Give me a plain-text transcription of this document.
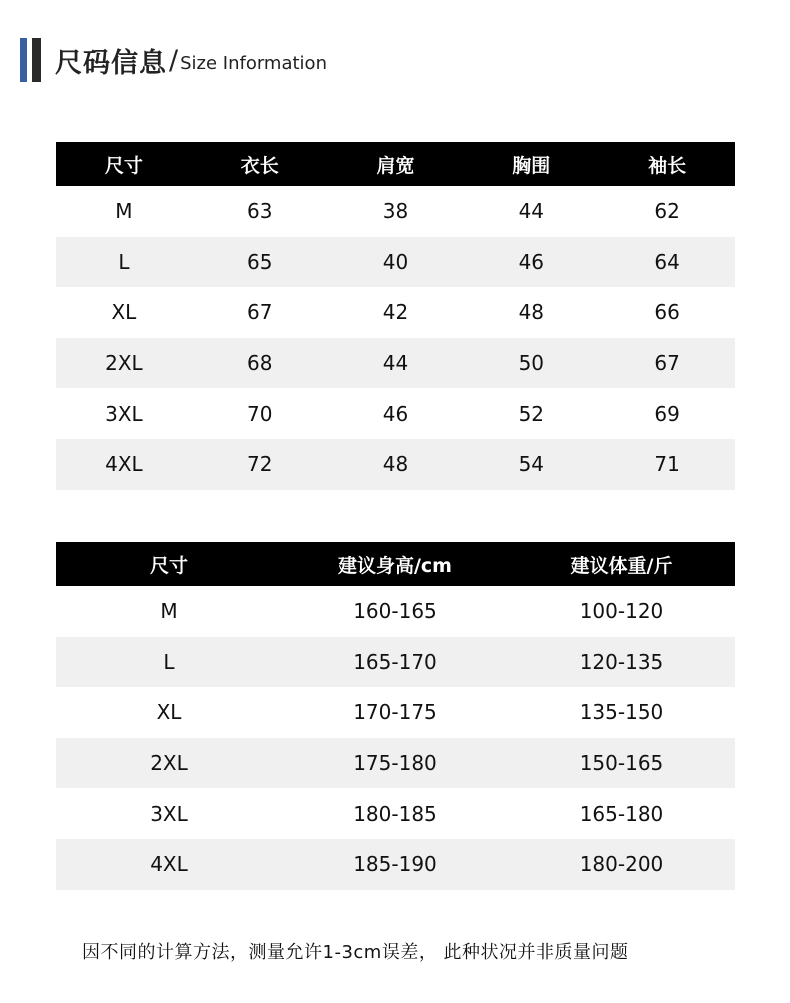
尺码信息 / Size Information
尺寸	衣长	肩宽	胸围	袖长
M	63	38	44	62
L	65	40	46	64
XL	67	42	48	66
2XL	68	44	50	67
3XL	70	46	52	69
4XL	72	48	54	71
尺寸	建议身高/cm	建议体重/斤
M	160-165	100-120
L	165-170	120-135
XL	170-175	135-150
2XL	175-180	150-165
3XL	180-185	165-180
4XL	185-190	180-200
因不同的计算方法，测量允许1-3cm误差， 此种状况并非质量问题
